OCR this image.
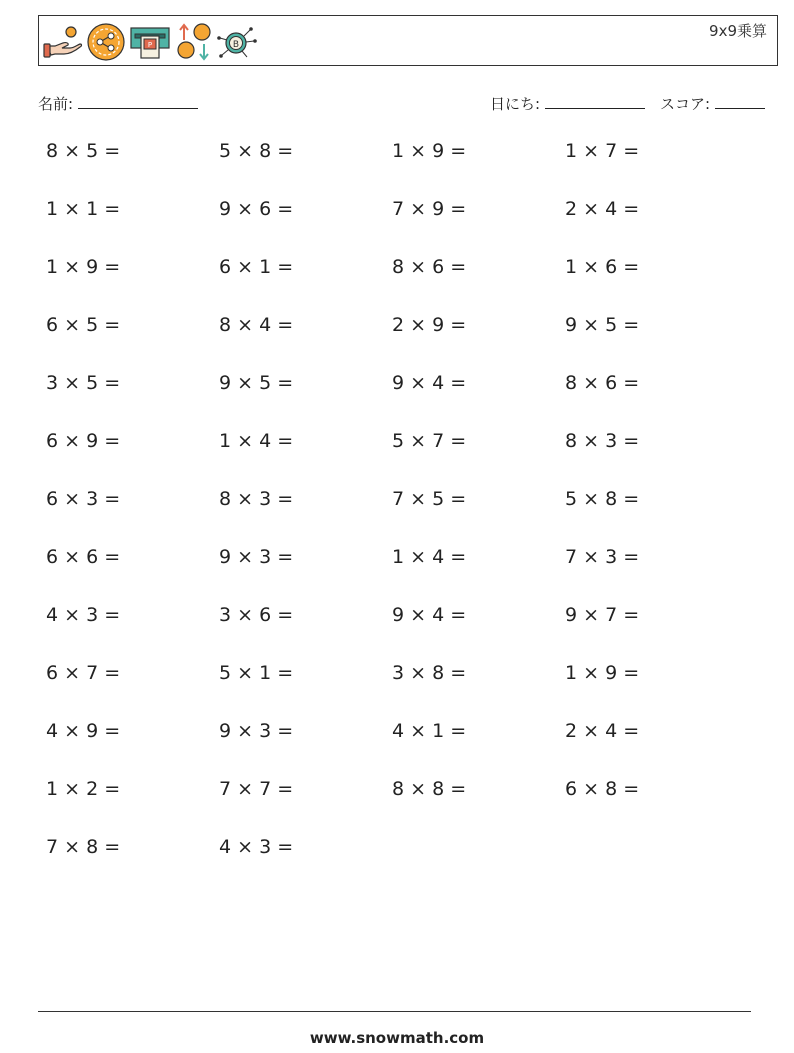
P	B
9x9乗算
名前:	日にち:	スコア:
8 × 5 =	5 × 8 =	1 × 9 =	1 × 7 =
1 × 1 =	9 × 6 =	7 × 9 =	2 × 4 =
1 × 9 =	6 × 1 =	8 × 6 =	1 × 6 =
6 × 5 =	8 × 4 =	2 × 9 =	9 × 5 =
3 × 5 =	9 × 5 =	9 × 4 =	8 × 6 =
6 × 9 =	1 × 4 =	5 × 7 =	8 × 3 =
6 × 3 =	8 × 3 =	7 × 5 =	5 × 8 =
6 × 6 =	9 × 3 =	1 × 4 =	7 × 3 =
4 × 3 =	3 × 6 =	9 × 4 =	9 × 7 =
6 × 7 =	5 × 1 =	3 × 8 =	1 × 9 =
4 × 9 =	9 × 3 =	4 × 1 =	2 × 4 =
1 × 2 =	7 × 7 =	8 × 8 =	6 × 8 =
7 × 8 =	4 × 3 =
www.snowmath.com
